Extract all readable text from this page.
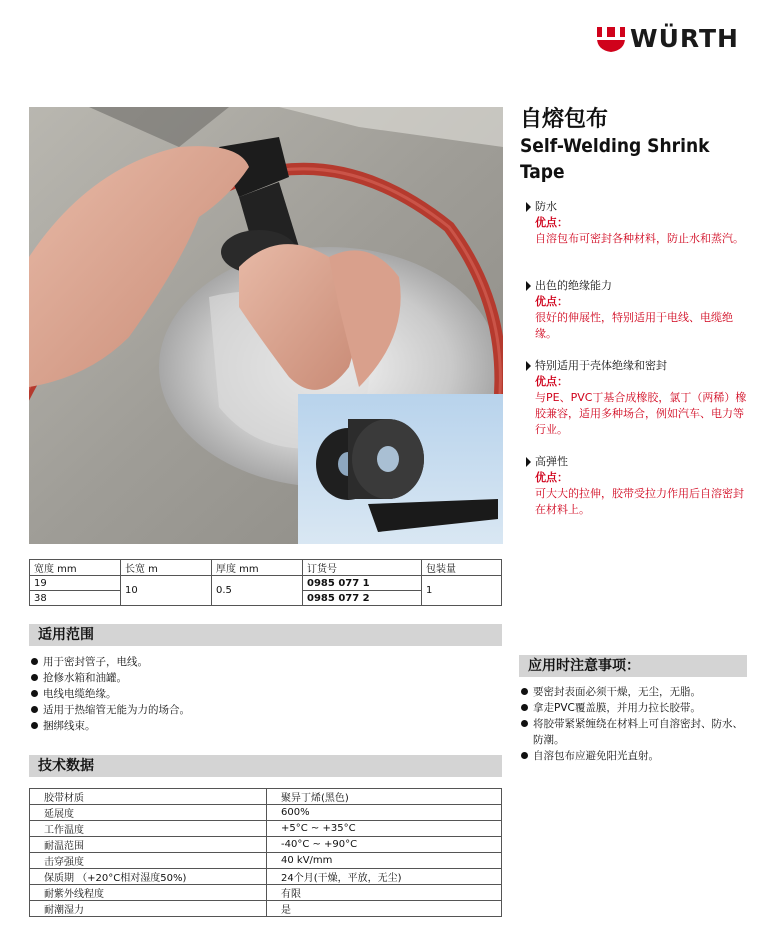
WÜRTH
自熔包布
Self-Welding Shrink Tape
防水
优点：
自溶包布可密封各种材料，防止水和蒸汽。
出色的绝缘能力
优点：
很好的伸展性，特别适用于电线、电缆绝缘。
特别适用于壳体绝缘和密封
优点：
与PE、PVC丁基合成橡胶，氯丁（两稀）橡胶兼容，适用多种场合，例如汽车、电力等行业。
高弹性
优点：
可大大的拉伸，胶带受拉力作用后自溶密封在材料上。
宽度 mm	长宽 m	厚度 mm	订货号	包装量
19	10	0.5	0985 077 1	1
38			0985 077 2	
适用范围
用于密封管子，电线。
抢修水箱和油罐。
电线电缆绝缘。
适用于热缩管无能为力的场合。
捆绑线束。
应用时注意事项：
要密封表面必须干燥，无尘，无脂。
拿走PVC覆盖膜，并用力拉长胶带。
将胶带紧紧缠绕在材料上可自溶密封、防水、防潮。
自溶包布应避免阳光直射。
技术数据
胶带材质	聚异丁烯(黑色)
延展度	600%
工作温度	+5°C ~ +35°C
耐温范围	-40°C ~ +90°C
击穿强度	40 kV/mm
保质期 （+20°C相对湿度50%)	24个月(干燥，平放，无尘)
耐紫外线程度	有限
耐潮湿力	是
